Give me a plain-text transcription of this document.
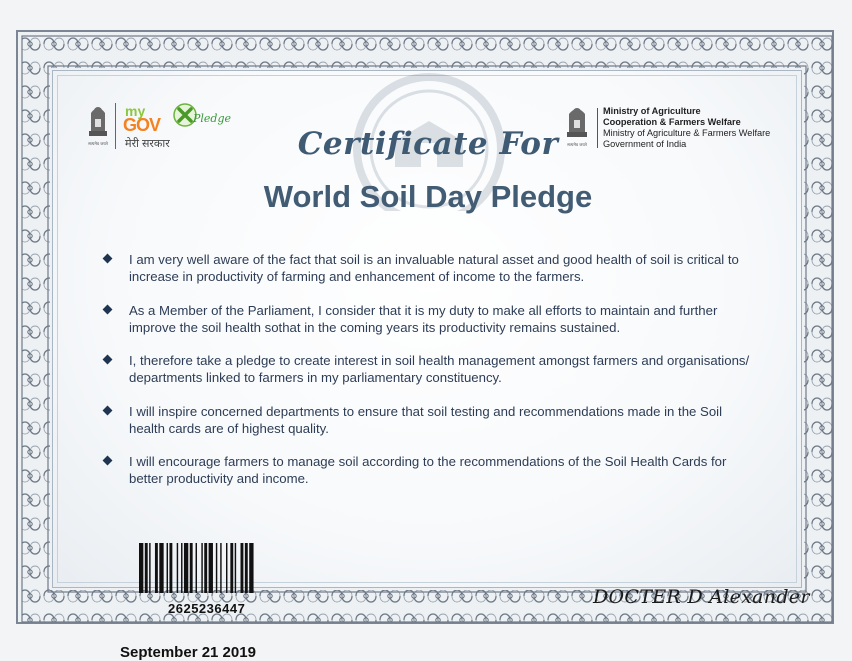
सत्यमेव जयते
my
GOV
मेरी सरकार
Pledge
सत्यमेव जयते
Ministry of Agriculture
Cooperation & Farmers Welfare
Ministry of Agriculture & Farmers Welfare
Government of India
Certificate For
World Soil Day Pledge
I am very well aware of the fact that soil is an invaluable natural asset and good health of soil is critical to increase in productivity of farming and enhancement of income to the farmers.
As a Member of the Parliament, I consider that it is my duty to make all efforts to maintain and further improve the soil health sothat in the coming years its productivity remains sustained.
I, therefore take a pledge to create interest in soil health management amongst farmers and organisations/ departments linked to farmers in my parliamentary constituency.
I will inspire concerned departments to ensure that soil testing and recommendations made in the Soil health cards are of highest quality.
I will encourage farmers to manage soil according to the recommendations of the Soil Health Cards for better productivity and income.
2625236447
DOCTER D Alexander
September 21 2019
